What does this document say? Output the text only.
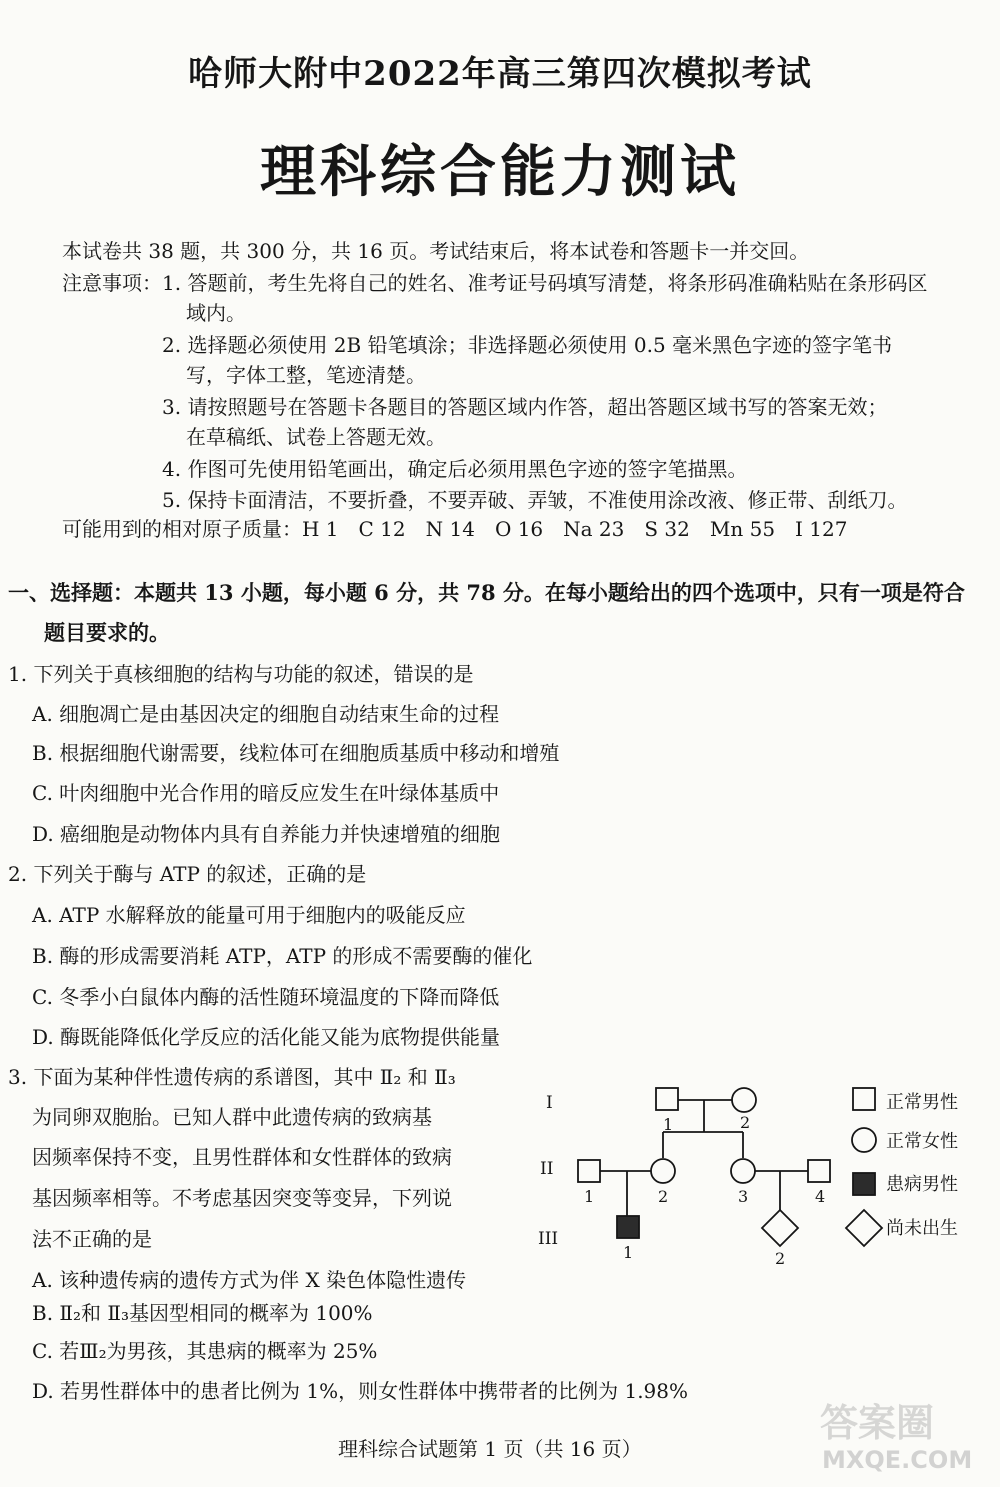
哈师大附中2022年高三第四次模拟考试
理科综合能力测试
本试卷共 38 题，共 300 分，共 16 页。考试结束后，将本试卷和答题卡一并交回。
注意事项： 1. 答题前，考生先将自己的姓名、准考证号码填写清楚，将条形码准确粘贴在条形码区
域内。
2. 选择题必须使用 2B 铅笔填涂；非选择题必须使用 0.5 毫米黑色字迹的签字笔书
写，字体工整，笔迹清楚。
3. 请按照题号在答题卡各题目的答题区域内作答，超出答题区域书写的答案无效；
在草稿纸、试卷上答题无效。
4. 作图可先使用铅笔画出，确定后必须用黑色字迹的签字笔描黑。
5. 保持卡面清洁，不要折叠，不要弄破、弄皱，不准使用涂改液、修正带、刮纸刀。
可能用到的相对原子质量：H 1　C 12　N 14　O 16　Na 23　S 32　Mn 55　I 127
一、选择题：本题共 13 小题，每小题 6 分，共 78 分。在每小题给出的四个选项中，只有一项是符合
题目要求的。
1. 下列关于真核细胞的结构与功能的叙述，错误的是
A. 细胞凋亡是由基因决定的细胞自动结束生命的过程
B. 根据细胞代谢需要，线粒体可在细胞质基质中移动和增殖
C. 叶肉细胞中光合作用的暗反应发生在叶绿体基质中
D. 癌细胞是动物体内具有自养能力并快速增殖的细胞
2. 下列关于酶与 ATP 的叙述，正确的是
A. ATP 水解释放的能量可用于细胞内的吸能反应
B. 酶的形成需要消耗 ATP，ATP 的形成不需要酶的催化
C. 冬季小白鼠体内酶的活性随环境温度的下降而降低
D. 酶既能降低化学反应的活化能又能为底物提供能量
3. 下面为某种伴性遗传病的系谱图，其中 Ⅱ₂ 和 Ⅱ₃
为同卵双胞胎。已知人群中此遗传病的致病基
因频率保持不变，且男性群体和女性群体的致病
基因频率相等。不考虑基因突变等变异，下列说
法不正确的是
A. 该种遗传病的遗传方式为伴 X 染色体隐性遗传
B. Ⅱ₂和 Ⅱ₃基因型相同的概率为 100%
C. 若Ⅲ₂为男孩，其患病的概率为 25%
D. 若男性群体中的患者比例为 1%，则女性群体中携带者的比例为 1.98%
I
II
III
1	2
1	2	3	4
1	2
正常男性
正常女性
患病男性
尚未出生
理科综合试题第 1 页（共 16 页）
答案圈
MXQE.COM
